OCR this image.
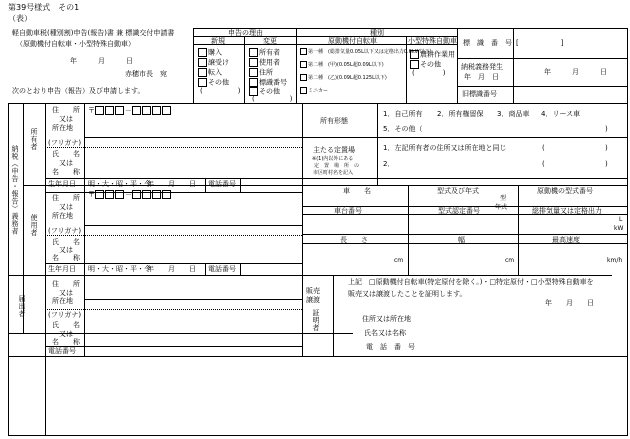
第39号様式　その1
（表）
軽自動車税(種別割)申告(報告)書 兼 標識交付申請書
（原動機付自転車・小型特殊自動車）
年　　　月　　　日
赤穂市長　宛
次のとおり申告（報告）及び申請します。
申告の理由
新規	変更
購入
譲受け
転入
その他
(　　　　　)
所有者
使用者
住所
標識番号
その他
(　　　　　)
種別
原動機付自転車
第一種　(総排気量0.05L以下又は定格出力0.6kW以下)
第二種　(甲)(0.05L超0.09L以下)
第二種　(乙)(0.09L超0.125L以下)
ミニカー
小型特殊自動車
農耕作業用
その他
(　　　　)
標　識　番　号 [　　　　　　]
納税義務発生
年　月　日
年　　　月　　　日
旧標識番号
納税（申告・報告）義務者
所有者
使用者
届出者
住　　所
又は
所在地
〒	－
(フリガナ)
氏　　名
又は
名　　称
生年月日 明・大・昭・平・令
年　　月　　日 電話番号
所有形態
1．自己所有 2．所有権留保 3．商品車 4．リース車
5．その他（	)
主たる定置場
※(1)内以外にある
定　置　場　所　の
市区町村名を記入
1．左記所有者の住所又は所在地と同じ	(	)
2．	(	)
住　　所
又は
所在地
〒	－
(フリガナ)
氏　　名
又は
名　　称
生年月日 明・大・昭・平・令
年　　月　　日 電話番号
車　　名	型式及び年式	原動機の型式番号
型
年式
車台番号	型式認定番号	総排気量又は定格出力
L
kW
長　　さ	幅	最高速度
cm	cm	km/h
住　　所
又は
所在地
(フリガナ)
氏　　名
又は
名　　称
電話番号
販売
譲渡
証明者
上記　□原動機付自転車(特定原付を除く。)・□特定原付・□小型特殊自動車を
販売又は譲渡したことを証明します。
年　　月　　日
住所又は所在地
氏名又は名称
電　話　番　号
